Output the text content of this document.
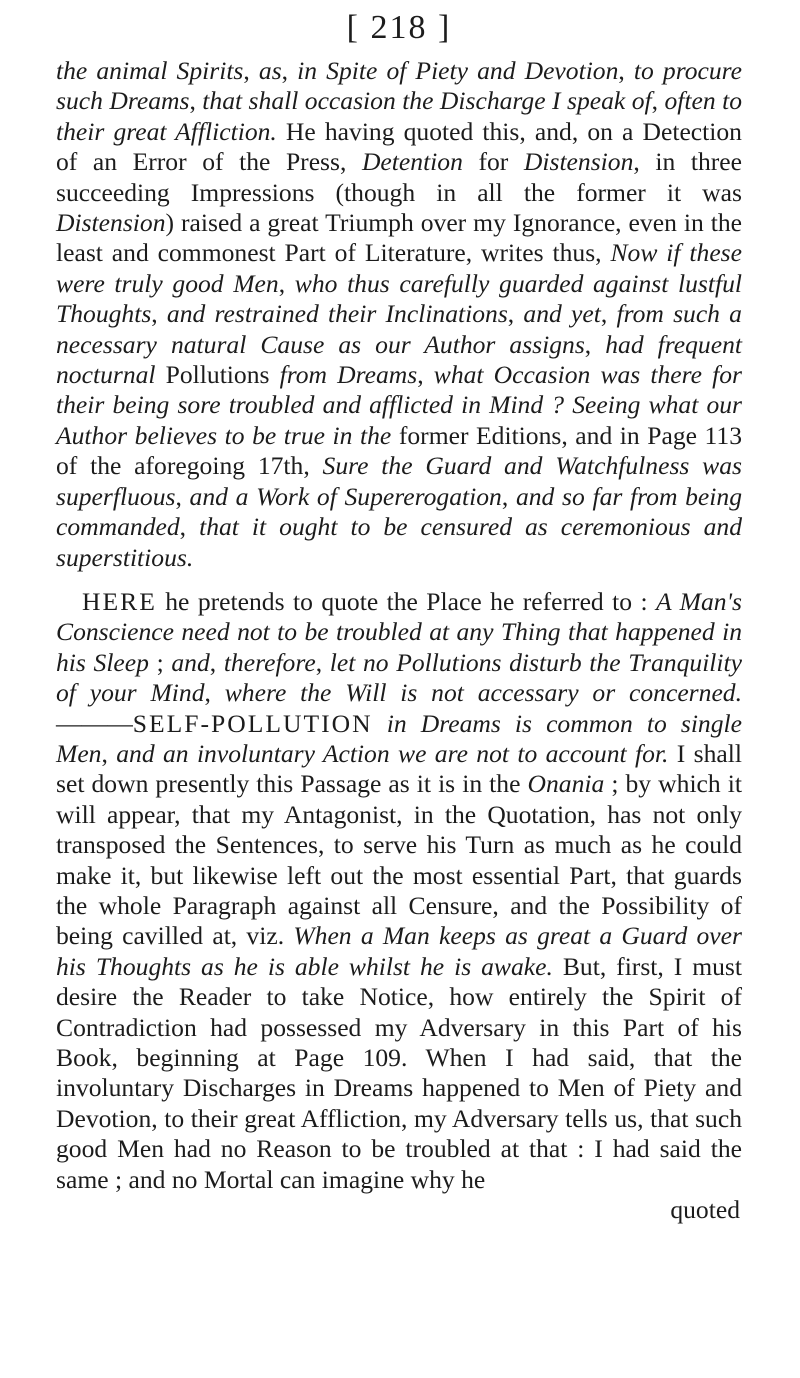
[ 218 ]

the animal Spirits, as, in Spite of Piety and Devotion, to procure such Dreams, that shall occasion the Discharge I speak of, often to their great Affliction. He having quoted this, and, on a Detection of an Error of the Press, Detention for Distension, in three succeeding Impressions (though in all the former it was Distension) raised a great Triumph over my Ignorance, even in the least and commonest Part of Literature, writes thus, Now if these were truly good Men, who thus carefully guarded against lustful Thoughts, and restrained their Inclinations, and yet, from such a necessary natural Cause as our Author assigns, had frequent nocturnal Pollutions from Dreams, what Occasion was there for their being sore troubled and afflicted in Mind ? Seeing what our Author believes to be true in the former Editions, and in Page 113 of the aforegoing 17th, Sure the Guard and Watchfulness was superfluous, and a Work of Supererogation, and so far from being commanded, that it ought to be censured as ceremonious and superstitious.

HERE he pretends to quote the Place he referred to : A Man's Conscience need not to be troubled at any Thing that happened in his Sleep ; and, therefore, let no Pollutions disturb the Tranquility of your Mind, where the Will is not accessary or concerned.———SELF-POLLUTION in Dreams is common to single Men, and an involuntary Action we are not to account for. I shall set down presently this Passage as it is in the Onania ; by which it will appear, that my Antagonist, in the Quotation, has not only transposed the Sentences, to serve his Turn as much as he could make it, but likewise left out the most essential Part, that guards the whole Paragraph against all Censure, and the Possibility of being cavilled at, viz. When a Man keeps as great a Guard over his Thoughts as he is able whilst he is awake. But, first, I must desire the Reader to take Notice, how entirely the Spirit of Contradiction had possessed my Adversary in this Part of his Book, beginning at Page 109. When I had said, that the involuntary Discharges in Dreams happened to Men of Piety and Devotion, to their great Affliction, my Adversary tells us, that such good Men had no Reason to be troubled at that : I had said the same ; and no Mortal can imagine why he

quoted
